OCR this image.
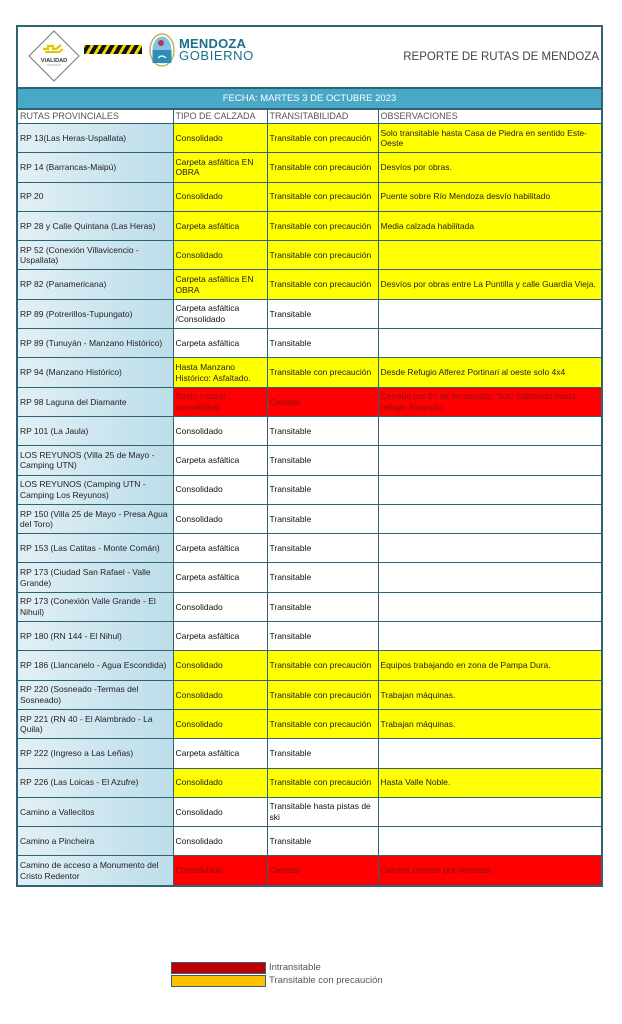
VIALIDAD
MENDOZA
GOBIERNO	REPORTE DE RUTAS DE MENDOZA
FECHA: MARTES 3 DE OCTUBRE 2023
RUTAS PROVINCIALES	TIPO DE CALZADA	TRANSITABILIDAD	OBSERVACIONES
RP 13(Las Heras-Uspallata)	Consolidado	Transitable con precaución	Solo transitable hasta Casa de Piedra en sentido Este-Oeste
RP 14 (Barrancas-Maipú)	Carpeta asfáltica EN OBRA	Transitable con precaución	Desvíos por obras.
RP 20	Consolidado	Transitable con precaución	Puente sobre Río Mendoza desvío habilitado
RP 28 y Calle Quintana (Las Heras)	Carpeta asfáltica	Transitable con precaución	Media calzada habilitada
RP 52 (Conexión Villavicencio - Uspallata)	Consolidado	Transitable con precaución	
RP 82 (Panamericana)	Carpeta asfáltica EN OBRA	Transitable con precaución	Desvíos por obras entre La Puntilla y calle Guardia Vieja.
RP 89 (Potrerillos-Tupungato)	Carpeta asfáltica /Consolidado	Transitable	
RP 89 (Tunuyán - Manzano Histórico)	Carpeta asfáltica	Transitable	
RP 94 (Manzano Histórico)	Hasta Manzano Histórico: Asfaltado.	Transitable con precaución	Desde Refugio Alferez Portinari al oeste solo 4x4
RP 98 Laguna del Diamante	Suelo natural consolidado	Cerrado	Cerrado por fin de temporada. Solo habilitado hasta refugio Alvarado.
RP 101 (La Jaula)	Consolidado	Transitable	
LOS REYUNOS (Villa 25 de Mayo - Camping UTN)	Carpeta asfáltica	Transitable	
LOS REYUNOS (Camping UTN - Camping Los Reyunos)	Consolidado	Transitable	
RP 150 (Villa 25 de Mayo - Presa Agua del Toro)	Consolidado	Transitable	
RP 153 (Las Catitas - Monte Comán)	Carpeta asfáltica	Transitable	
RP 173 (Ciudad San Rafael - Valle Grande)	Carpeta asfáltica	Transitable	
RP 173 (Conexión Valle Grande - El Nihuil)	Consolidado	Transitable	
RP 180 (RN 144 - El Nihul)	Carpeta asfáltica	Transitable	
RP 186 (Llancanelo - Agua Escondida)	Consolidado	Transitable con precaución	Equipos trabajando en zona de Pampa Dura.
RP 220 (Sosneado -Termas del Sosneado)	Consolidado	Transitable con precaución	Trabajan máquinas.
RP 221 (RN 40 - El Alambrado - La Quila)	Consolidado	Transitable con precaución	Trabajan máquinas.
RP 222 (Ingreso a Las Leñas)	Carpeta asfáltica	Transitable	
RP 226 (Las Loicas - El Azufre)	Consolidado	Transitable con precaución	Hasta Valle Noble.
Camino a Vallecitos	Consolidado	Transitable hasta pistas de ski	
Camino a Pincheira	Consolidado	Transitable	
Camino de acceso a Monumento del Cristo Redentor	Consolidado	Cerrado	Camino cerrado por nevadas.
Intransitable
Transitable con precaución
